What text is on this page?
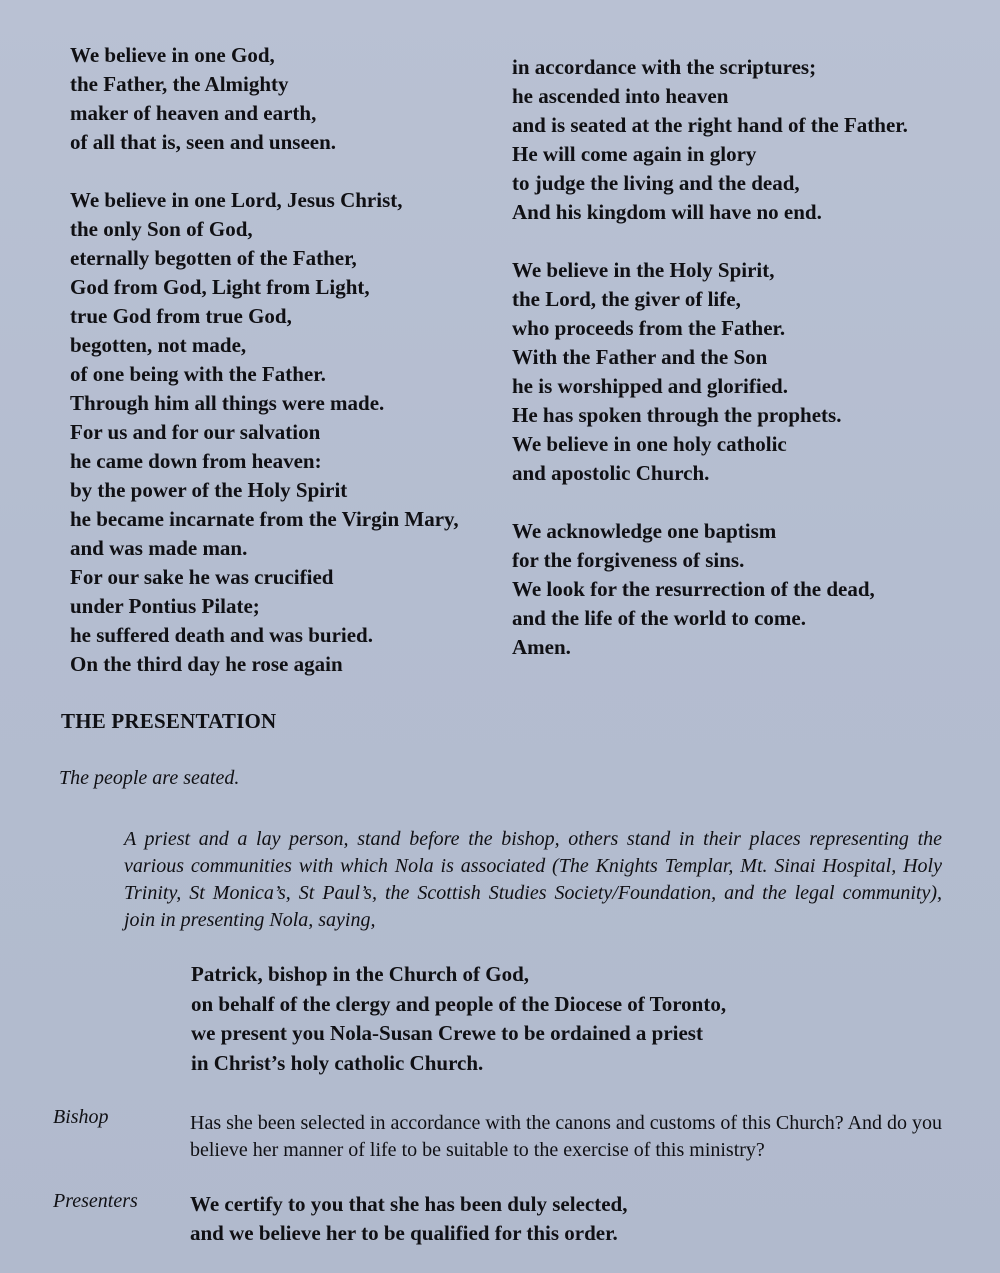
We believe in one God,
the Father, the Almighty
maker of heaven and earth,
of all that is, seen and unseen.
We believe in one Lord, Jesus Christ,
the only Son of God,
eternally begotten of the Father,
God from God, Light from Light,
true God from true God,
begotten, not made,
of one being with the Father.
Through him all things were made.
For us and for our salvation
he came down from heaven:
by the power of the Holy Spirit
he became incarnate from the Virgin Mary,
and was made man.
For our sake he was crucified
under Pontius Pilate;
he suffered death and was buried.
On the third day he rose again
in accordance with the scriptures;
he ascended into heaven
and is seated at the right hand of the Father.
He will come again in glory
to judge the living and the dead,
And his kingdom will have no end.
We believe in the Holy Spirit,
the Lord, the giver of life,
who proceeds from the Father.
With the Father and the Son
he is worshipped and glorified.
He has spoken through the prophets.
We believe in one holy catholic
and apostolic Church.
We acknowledge one baptism
for the forgiveness of sins.
We look for the resurrection of the dead,
and the life of the world to come.
Amen.
THE PRESENTATION

The people are seated.

A priest and a lay person, stand before the bishop, others stand in their places representing the various communities with which Nola is associated (The Knights Templar, Mt. Sinai Hospital, Holy Trinity, St Monica’s, St Paul’s, the Scottish Studies Society/Foundation, and the legal community), join in presenting Nola, saying,

Patrick, bishop in the Church of God,
on behalf of the clergy and people of the Diocese of Toronto,
we present you Nola-Susan Crewe to be ordained a priest
in Christ’s holy catholic Church.
Bishop	Has she been selected in accordance with the canons and customs of this Church? And do you believe her manner of life to be suitable to the exercise of this ministry?

Presenters We certify to you that she has been duly selected,
and we believe her to be qualified for this order.
